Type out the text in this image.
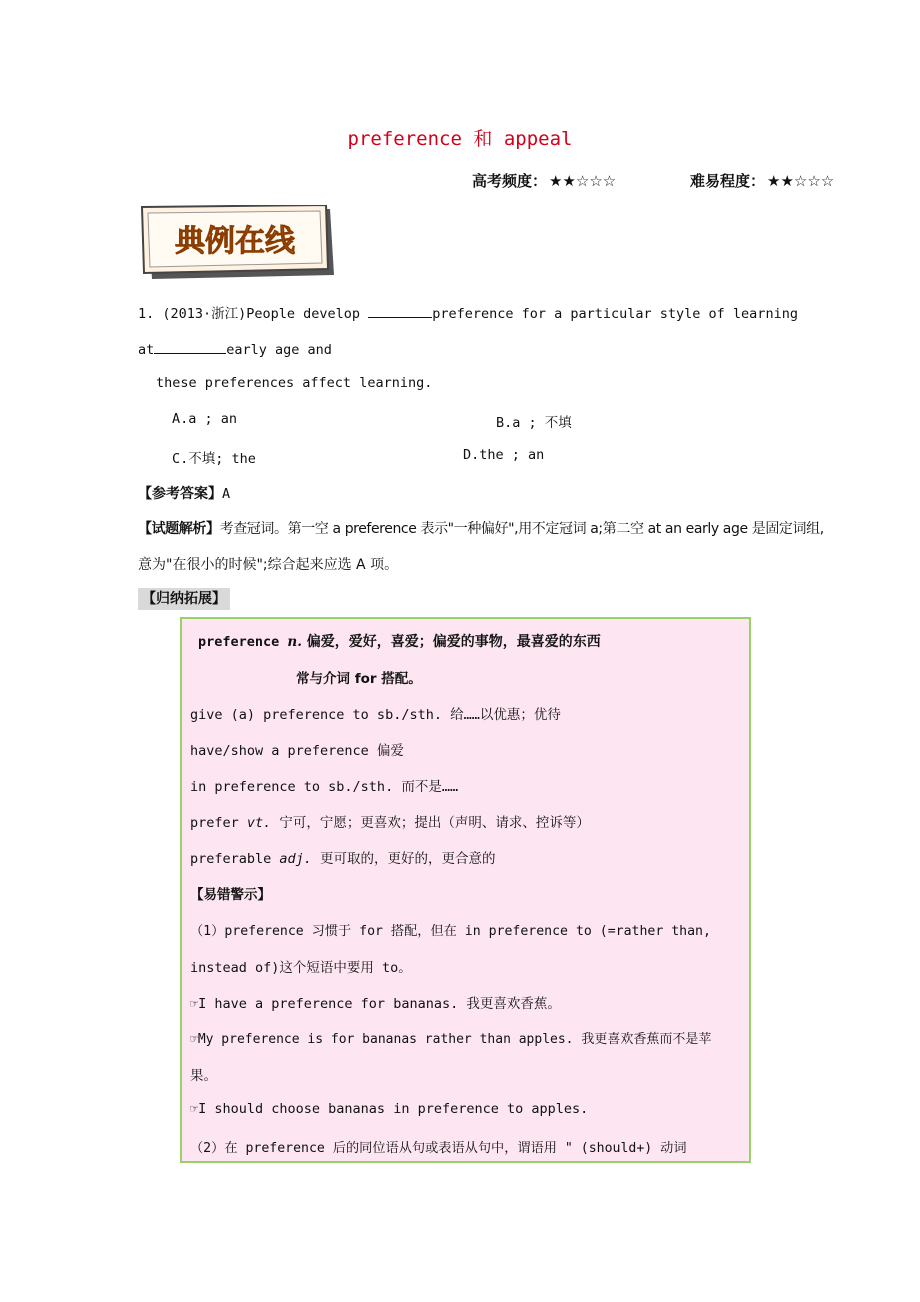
preference 和 appeal
高考频度： ★★☆☆☆	难易程度： ★★☆☆☆
典例在线
1. (2013·浙江)People develop	preference for a particular style of learning
at	early age and
these preferences affect learning.
A.a ; an	B.a ; 不填
C.不填; the	D.the ; an
【参考答案】A
【试题解析】考查冠词。第一空 a preference 表示"一种偏好",用不定冠词 a;第二空 at an early age 是固定词组,
意为"在很小的时候";综合起来应选 A 项。
【归纳拓展】
preference n. 偏爱，爱好，喜爱；偏爱的事物，最喜爱的东西
常与介词 for 搭配。
give (a) preference to sb./sth. 给……以优惠；优待
have/show a preference 偏爱
in preference to sb./sth. 而不是……
prefer vt. 宁可，宁愿；更喜欢；提出（声明、请求、控诉等）
preferable adj. 更可取的，更好的，更合意的
【易错警示】
（1）preference 习惯于 for 搭配，但在 in preference to (=rather than,
instead of)这个短语中要用 to。
☞I have a preference for bananas. 我更喜欢香蕉。
☞My preference is for bananas rather than apples. 我更喜欢香蕉而不是苹
果。
☞I should choose bananas in preference to apples.
（2）在 preference 后的同位语从句或表语从句中，谓语用 " (should+) 动词
